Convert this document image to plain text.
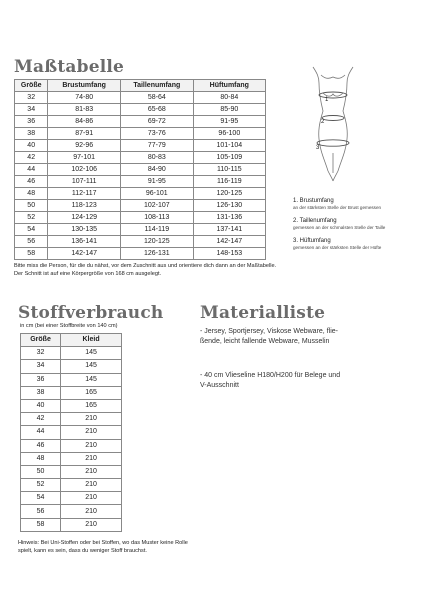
Maßtabelle
Größe	Brustumfang	Taillenumfang	Hüftumfang
32	74-80	58-64	80-84
34	81-83	65-68	85-90
36	84-86	69-72	91-95
38	87-91	73-76	96-100
40	92-96	77-79	101-104
42	97-101	80-83	105-109
44	102-106	84-90	110-115
46	107-111	91-95	116-119
48	112-117	96-101	120-125
50	118-123	102-107	126-130
52	124-129	108-113	131-136
54	130-135	114-119	137-141
56	136-141	120-125	142-147
58	142-147	126-131	148-153
Bitte miss die Person, für die du nähst, vor dem Zuschnitt aus und orientiere dich dann an der Maßtabelle.
Der Schnitt ist auf eine Körpergröße von 168 cm ausgelegt.
1
2
3
1. Brustumfang
an der stärksten Stelle der Brust gemessen
2. Taillenumfang
gemessen an der schmalsten Stelle der Taille
3. Hüftumfang
gemessen an der stärksten Stelle der Hüfte
Stoffverbrauch
in cm (bei einer Stoffbreite von 140 cm)
Größe	Kleid
32	145
34	145
36	145
38	165
40	165
42	210
44	210
46	210
48	210
50	210
52	210
54	210
56	210
58	210
Hinweis: Bei Uni-Stoffen oder bei Stoffen, wo das Muster keine Rolle
spielt, kann es sein, dass du weniger Stoff brauchst.
Materialliste
- Jersey, Sportjersey, Viskose Webware, flie-
ßende, leicht fallende Webware, Musselin
- 40 cm Vlieseline H180/H200 für Belege und
V-Ausschnitt
